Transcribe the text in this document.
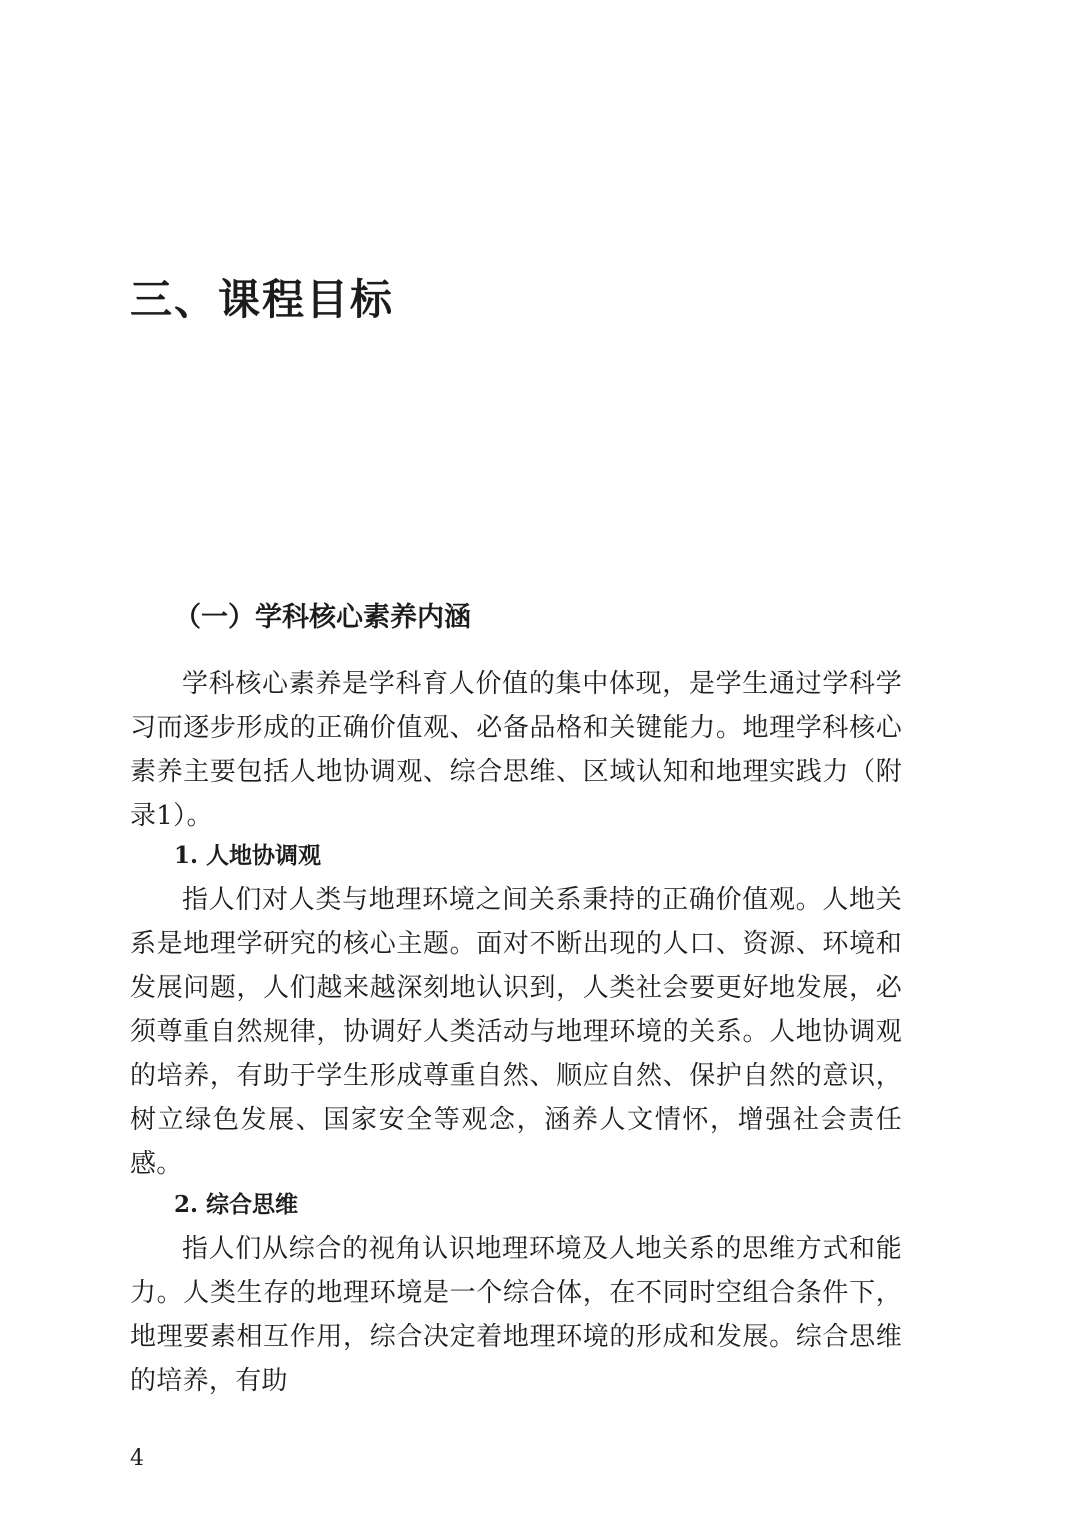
三、课程目标
（一）学科核心素养内涵

学科核心素养是学科育人价值的集中体现，是学生通过学科学习而逐步形成的正确价值观、必备品格和关键能力。地理学科核心素养主要包括人地协调观、综合思维、区域认知和地理实践力（附录1）。

1. 人地协调观

指人们对人类与地理环境之间关系秉持的正确价值观。人地关系是地理学研究的核心主题。面对不断出现的人口、资源、环境和发展问题，人们越来越深刻地认识到，人类社会要更好地发展，必须尊重自然规律，协调好人类活动与地理环境的关系。人地协调观的培养，有助于学生形成尊重自然、顺应自然、保护自然的意识，树立绿色发展、国家安全等观念，涵养人文情怀，增强社会责任感。

2. 综合思维

指人们从综合的视角认识地理环境及人地关系的思维方式和能力。人类生存的地理环境是一个综合体，在不同时空组合条件下，地理要素相互作用，综合决定着地理环境的形成和发展。综合思维的培养，有助

4
